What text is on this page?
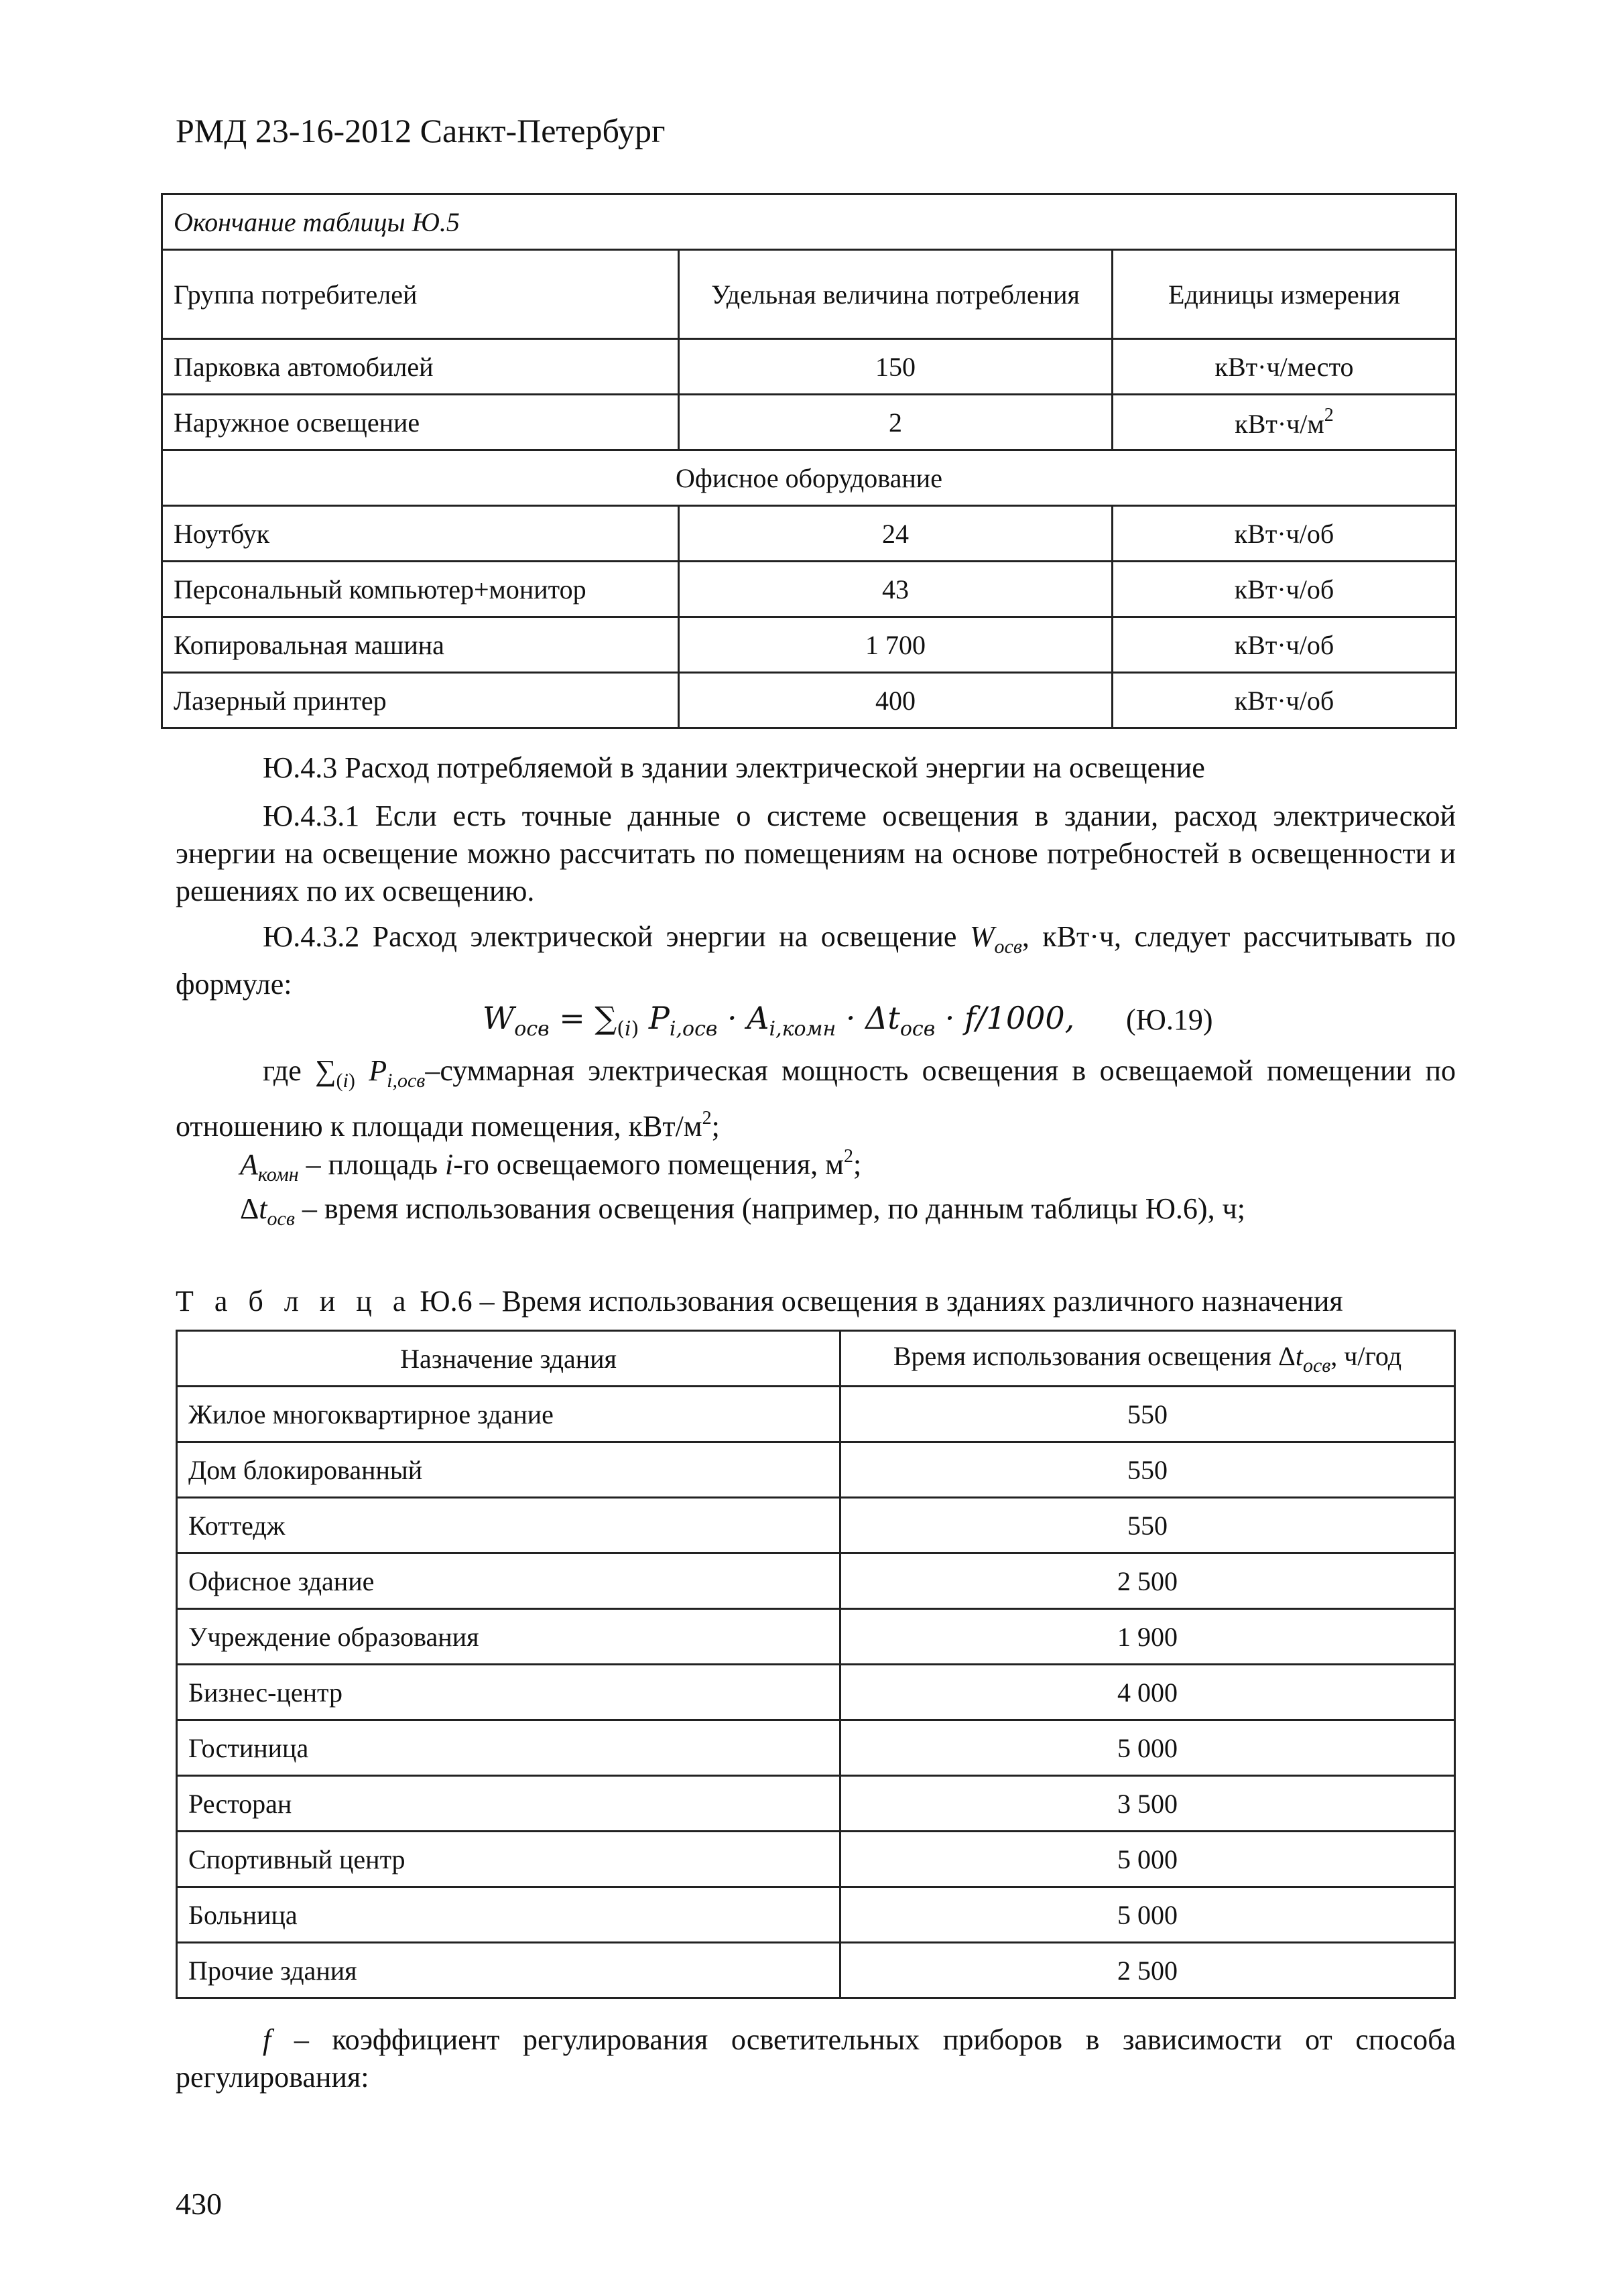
РМД 23-16-2012 Санкт-Петербург
Окончание таблицы Ю.5		
Группа потребителей	Удельная величина потребления	Единицы измерения
Парковка автомобилей	150	кВт·ч/место
Наружное освещение	2	$кВт\cdot ч/м^2$
Офисное оборудование		
Ноутбук	24	кВт·ч/об
Персональный компьютер+монитор	43	кВт·ч/об
Копировальная машина	1 700	кВт·ч/об
Лазерный принтер	400	кВт·ч/об
Ю.4.3 Расход потребляемой в здании электрической энергии на освещение
Ю.4.3.1 Если есть точные данные о системе освещения в здании, расход электрической энергии на освещение можно рассчитать по помещениям на основе потребностей в освещенности и решениях по их освещению.
Ю.4.3.2 Расход электрической энергии на освещение $W_{осв}$, кВт·ч, следует рассчитывать по формуле:
$W_{осв} = \sum_{(i)}$ $P_{i,осв} \cdot A_{i,комн} \cdot \Delta t_{осв} \cdot f/1000$, (Ю.19)
где $\sum_{(i)}$ $P_{i,осв}$–суммарная электрическая мощность освещения в освещаемой помещении по отношению к площади помещения, кВт/$м^2$;
$A_{комн}$ – площадь i-го освещаемого помещения, $м^2$;
$\Delta t_{осв}$ – время использования освещения (например, по данным таблицы Ю.6), ч;
Т а б л и ц а Ю.6 – Время использования освещения в зданиях различного назначения
Назначение здания	Время использования освещения $\Delta t_{осв}$, ч/год
Жилое многоквартирное здание	550
Дом блокированный	550
Коттедж	550
Офисное здание	2 500
Учреждение образования	1 900
Бизнес-центр	4 000
Гостиница	5 000
Ресторан	3 500
Спортивный центр	5 000
Больница	5 000
Прочие здания	2 500
f – коэффициент регулирования осветительных приборов в зависимости от способа регулирования:
430
